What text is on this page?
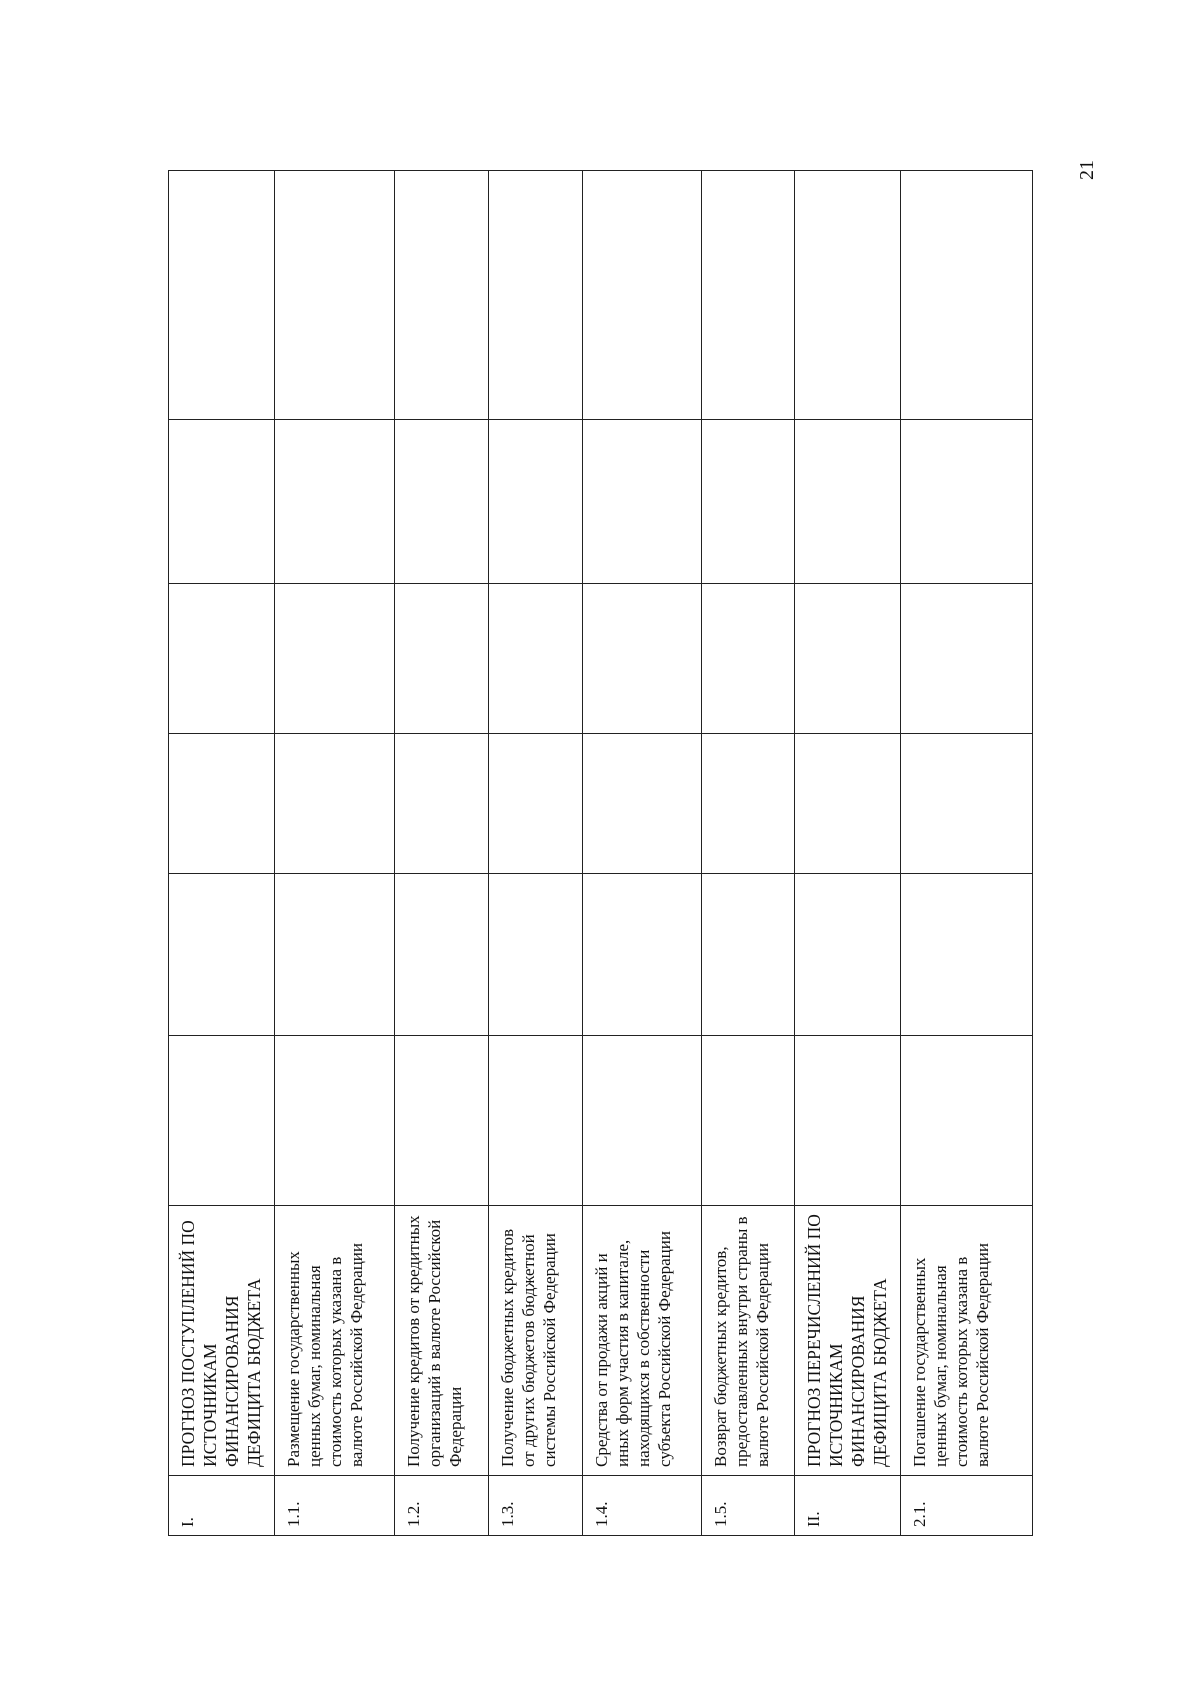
21
I.	ПРОГНОЗ ПОСТУПЛЕНИЙ ПО ИСТОЧНИКАМ ФИНАНСИРОВАНИЯ ДЕФИЦИТА БЮДЖЕТА						
1.1.	Размещение государственных ценных бумаг, номинальная стоимость которых указана в валюте Российской Федерации						
1.2.	Получение кредитов от кредитных организаций в валюте Российской Федерации						
1.3.	Получение бюджетных кредитов от других бюджетов бюджетной системы Российской Федерации						
1.4.	Средства от продажи акций и иных форм участия в капитале, находящихся в собственности субъекта Российской Федерации						
1.5.	Возврат бюджетных кредитов, предоставленных внутри страны в валюте Российской Федерации						
II.	ПРОГНОЗ ПЕРЕЧИСЛЕНИЙ ПО ИСТОЧНИКАМ ФИНАНСИРОВАНИЯ ДЕФИЦИТА БЮДЖЕТА						
2.1.	Погашение государственных ценных бумаг, номинальная стоимость которых указана в валюте Российской Федерации						
